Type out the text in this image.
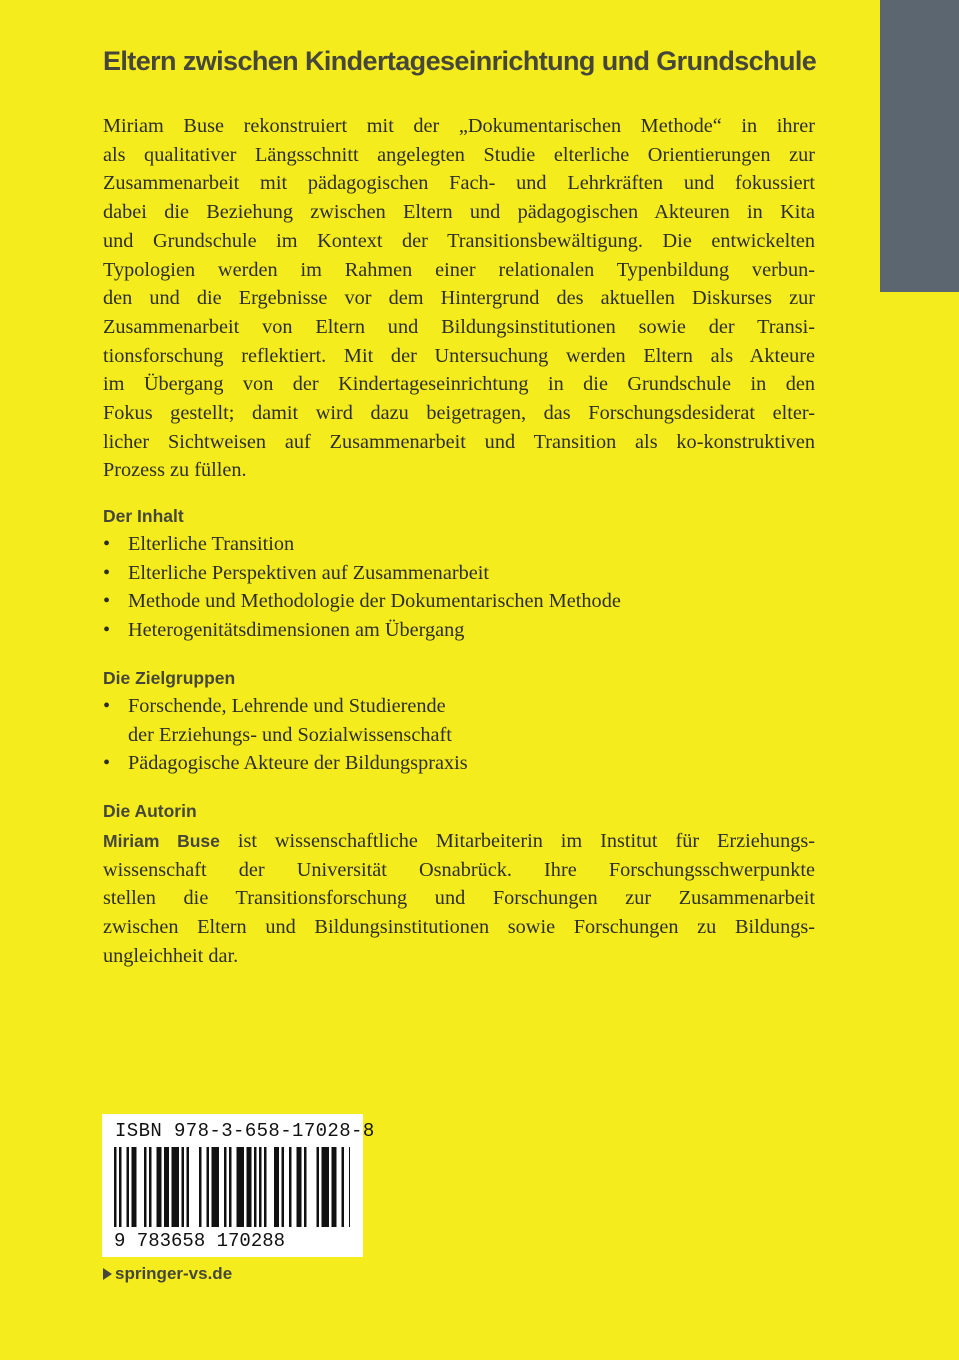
Eltern zwischen Kindertageseinrichtung und Grundschule
Miriam Buse rekonstruiert mit der „Dokumentarischen Methode“ in ihrer
als qualitativer Längsschnitt angelegten Studie elterliche Orientierungen zur
Zusammenarbeit mit pädagogischen Fach- und Lehrkräften und fokussiert
dabei die Beziehung zwischen Eltern und pädagogischen Akteuren in Kita
und Grundschule im Kontext der Transitionsbewältigung. Die entwickelten
Typologien werden im Rahmen einer relationalen Typenbildung verbun-
den und die Ergebnisse vor dem Hintergrund des aktuellen Diskurses zur
Zusammenarbeit von Eltern und Bildungsinstitutionen sowie der Transi-
tionsforschung reflektiert. Mit der Untersuchung werden Eltern als Akteure
im Übergang von der Kindertageseinrichtung in die Grundschule in den
Fokus gestellt; damit wird dazu beigetragen, das Forschungsdesiderat elter-
licher Sichtweisen auf Zusammenarbeit und Transition als ko-konstruktiven
Prozess zu füllen.
Der Inhalt
• Elterliche Transition
• Elterliche Perspektiven auf Zusammenarbeit
• Methode und Methodologie der Dokumentarischen Methode
• Heterogenitätsdimensionen am Übergang
Die Zielgruppen
• Forschende, Lehrende und Studierende
der Erziehungs- und Sozialwissenschaft
• Pädagogische Akteure der Bildungspraxis
Die Autorin
Miriam Buse ist wissenschaftliche Mitarbeiterin im Institut für Erziehungs-
wissenschaft der Universität Osnabrück. Ihre Forschungsschwerpunkte
stellen die Transitionsforschung und Forschungen zur Zusammenarbeit
zwischen Eltern und Bildungsinstitutionen sowie Forschungen zu Bildungs-
ungleichheit dar.
ISBN 978-3-658-17028-8
9 783658 170288
springer-vs.de
